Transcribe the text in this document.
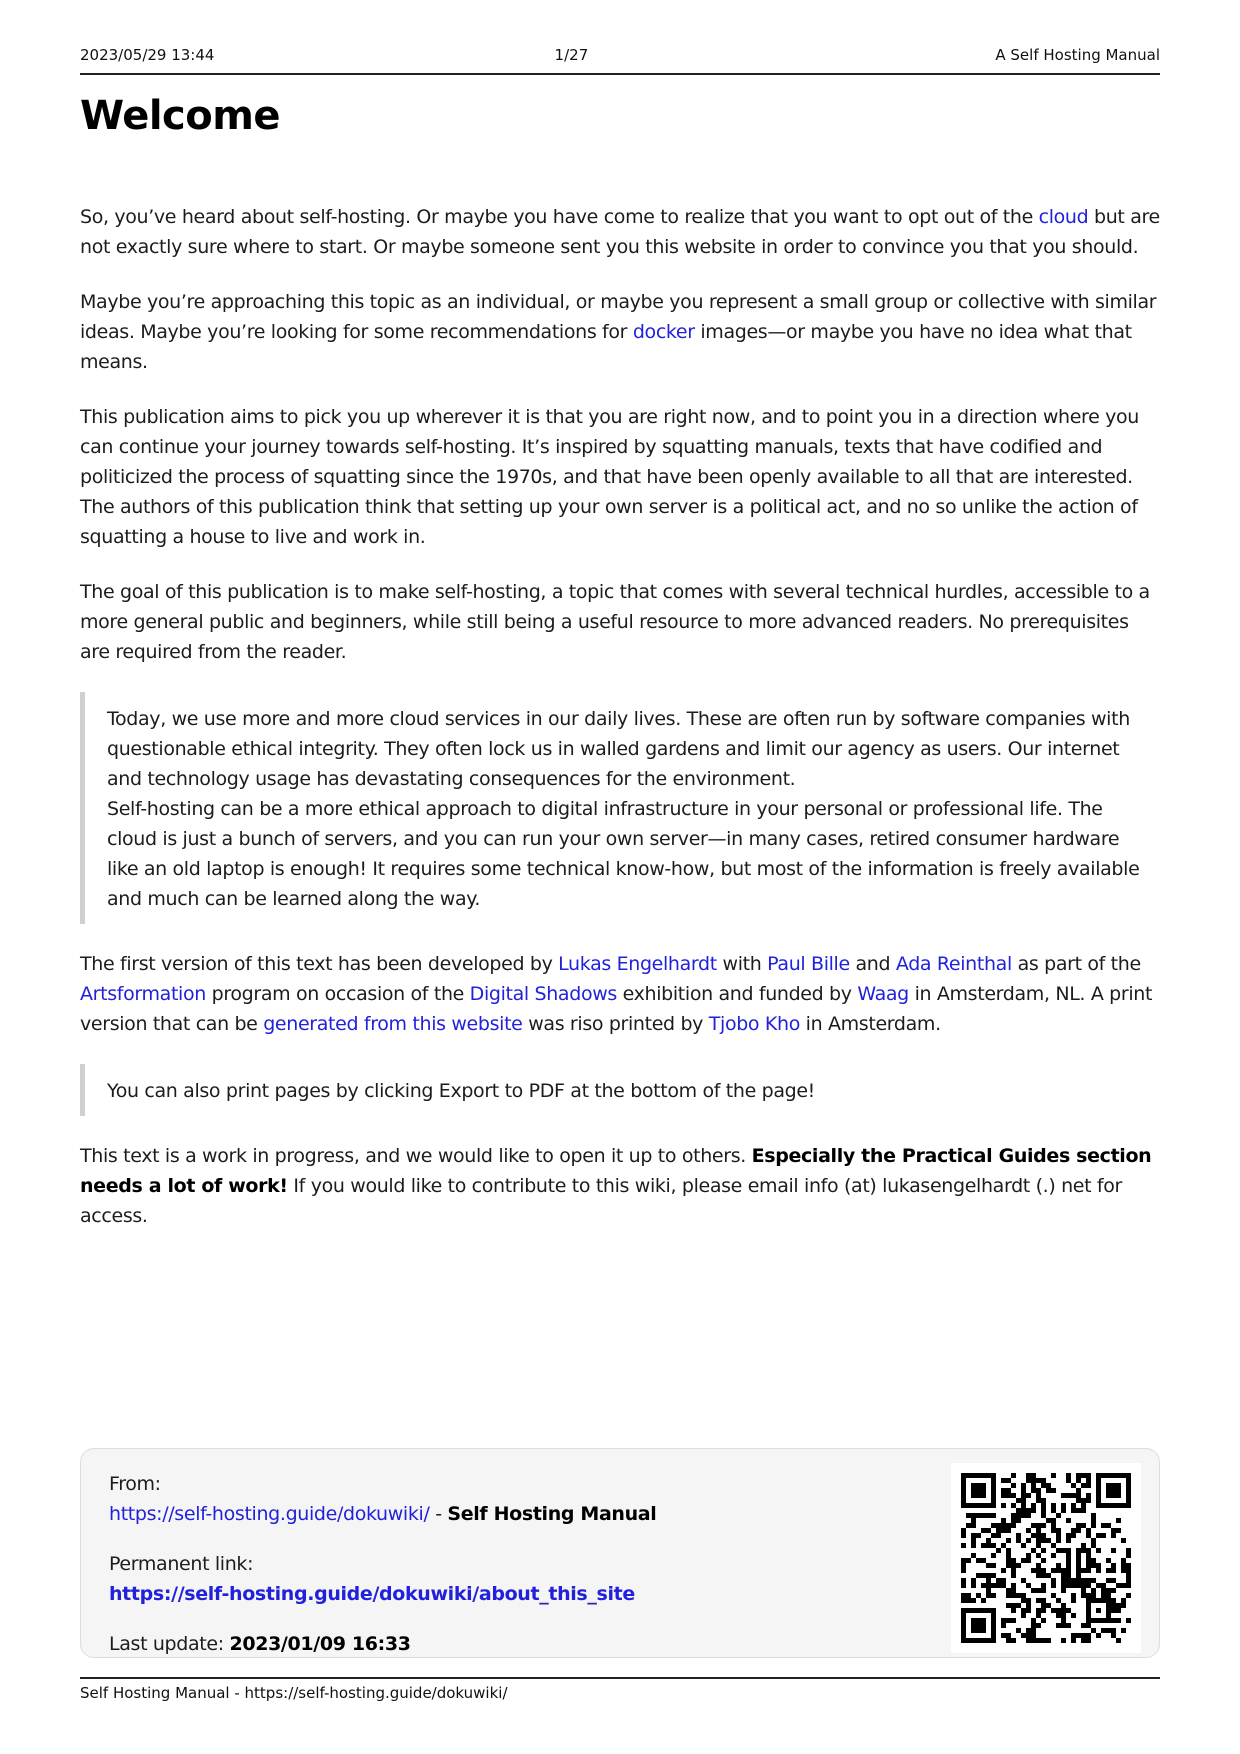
2023/05/29 13:44	1/27	A Self Hosting Manual
Welcome

So, you’ve heard about self-hosting. Or maybe you have come to realize that you want to opt out of the cloud but are not exactly sure where to start. Or maybe someone sent you this website in order to convince you that you should.

Maybe you’re approaching this topic as an individual, or maybe you represent a small group or collective with similar ideas. Maybe you’re looking for some recommendations for docker images—or maybe you have no idea what that means.

This publication aims to pick you up wherever it is that you are right now, and to point you in a direction where you can continue your journey towards self-hosting. It’s inspired by squatting manuals, texts that have codified and politicized the process of squatting since the 1970s, and that have been openly available to all that are interested. The authors of this publication think that setting up your own server is a political act, and no so unlike the action of squatting a house to live and work in.

The goal of this publication is to make self-hosting, a topic that comes with several technical hurdles, accessible to a more general public and beginners, while still being a useful resource to more advanced readers. No prerequisites are required from the reader.

Today, we use more and more cloud services in our daily lives. These are often run by software companies with questionable ethical integrity. They often lock us in walled gardens and limit our agency as users. Our internet and technology usage has devastating consequences for the environment.
Self-hosting can be a more ethical approach to digital infrastructure in your personal or professional life. The cloud is just a bunch of servers, and you can run your own server—in many cases, retired consumer hardware like an old laptop is enough! It requires some technical know-how, but most of the information is freely available and much can be learned along the way.

The first version of this text has been developed by Lukas Engelhardt with Paul Bille and Ada Reinthal as part of the Artsformation program on occasion of the Digital Shadows exhibition and funded by Waag in Amsterdam, NL. A print version that can be generated from this website was riso printed by Tjobo Kho in Amsterdam.

You can also print pages by clicking Export to PDF at the bottom of the page!

This text is a work in progress, and we would like to open it up to others. Especially the Practical Guides section needs a lot of work! If you would like to contribute to this wiki, please email info (at) lukasengelhardt (.) net for access.

From:
https://self-hosting.guide/dokuwiki/ - Self Hosting Manual
Permanent link:
https://self-hosting.guide/dokuwiki/about_this_site
Last update: 2023/01/09 16:33
Self Hosting Manual - https://self-hosting.guide/dokuwiki/
